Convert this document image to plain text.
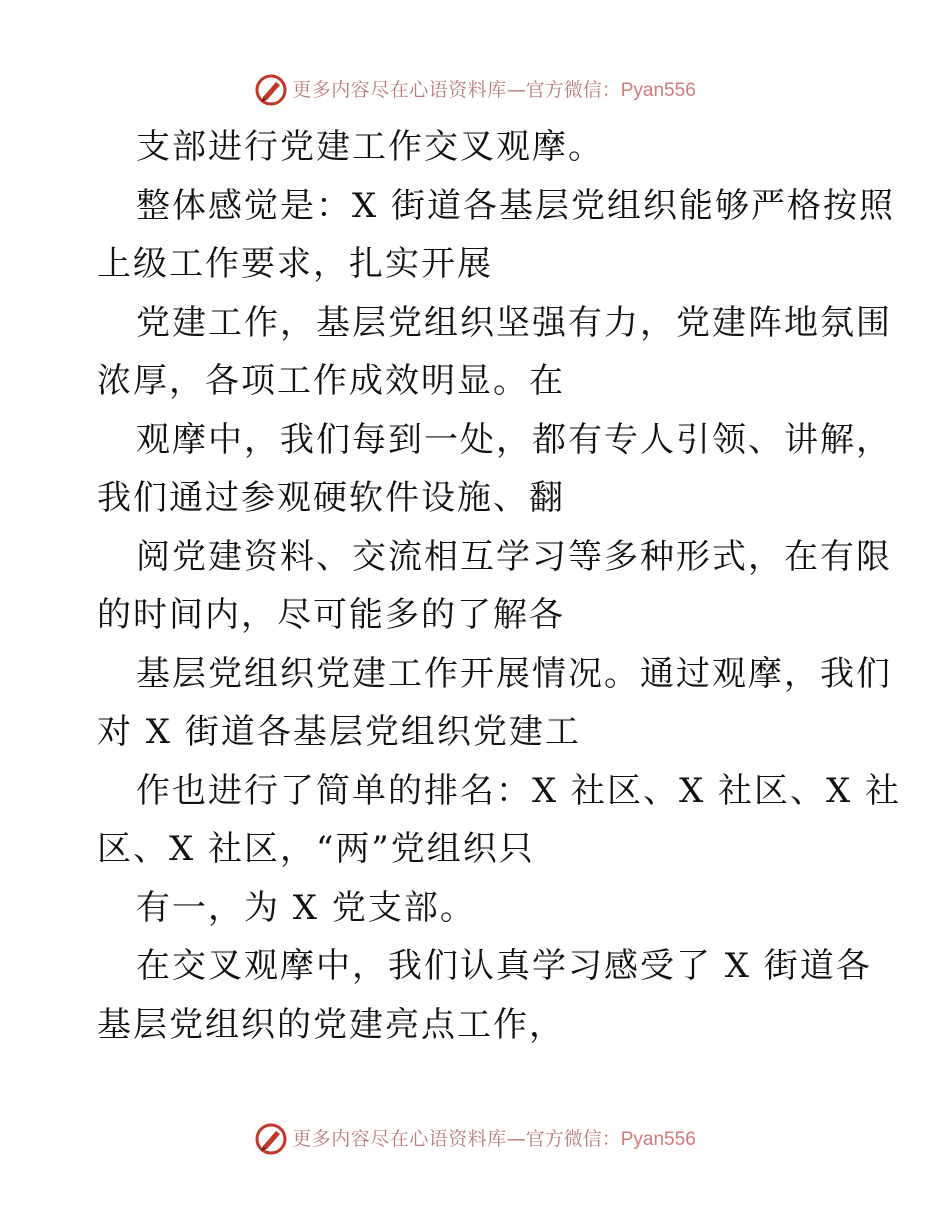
更多内容尽在心语资料库 — 官方微信： Pyan556
支部进行党建工作交叉观摩。
整体感觉是：X 街道各基层党组织能够严格按照
上级工作要求，扎实开展
党建工作，基层党组织坚强有力，党建阵地氛围
浓厚，各项工作成效明显。在
观摩中，我们每到一处，都有专人引领、讲解，
我们通过参观硬软件设施、翻
阅党建资料、交流相互学习等多种形式，在有限
的时间内，尽可能多的了解各
基层党组织党建工作开展情况。通过观摩，我们
对 X 街道各基层党组织党建工
作也进行了简单的排名：X 社区、X 社区、X 社
区、X 社区，“两”党组织只
有一，为 X 党支部。
在交叉观摩中，我们认真学习感受了 X 街道各
基层党组织的党建亮点工作，
更多内容尽在心语资料库 — 官方微信： Pyan556
